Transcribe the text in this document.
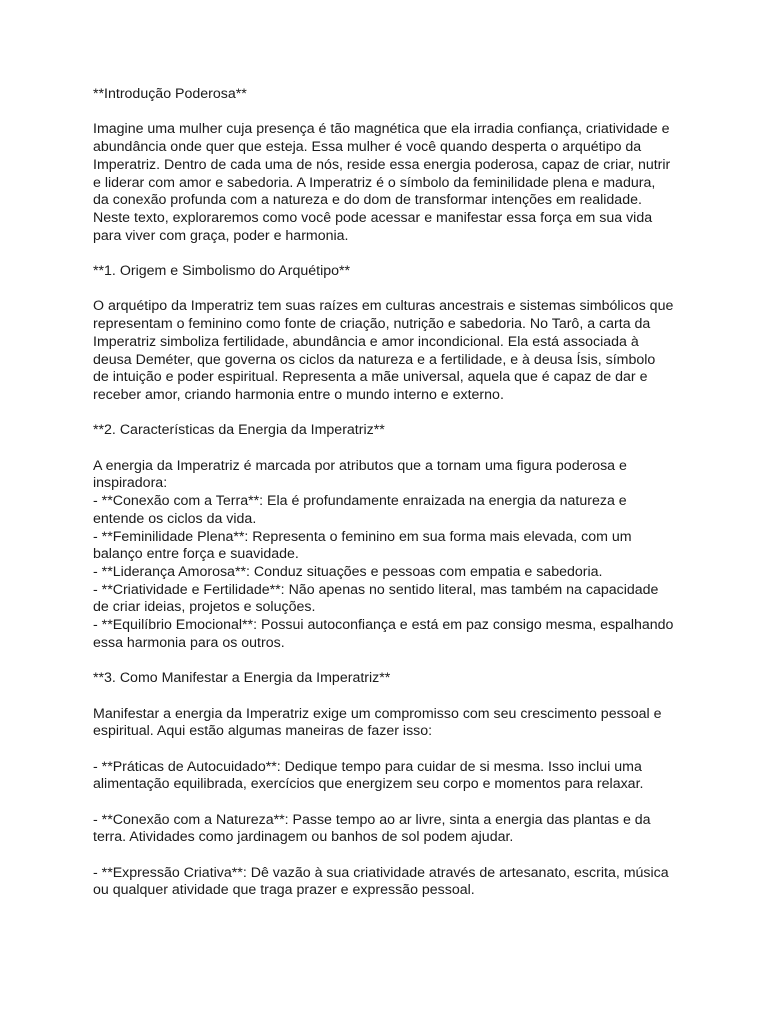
**Introdução Poderosa**

Imagine uma mulher cuja presença é tão magnética que ela irradia confiança, criatividade e

abundância onde quer que esteja. Essa mulher é você quando desperta o arquétipo da

Imperatriz. Dentro de cada uma de nós, reside essa energia poderosa, capaz de criar, nutrir

e liderar com amor e sabedoria. A Imperatriz é o símbolo da feminilidade plena e madura,

da conexão profunda com a natureza e do dom de transformar intenções em realidade.

Neste texto, exploraremos como você pode acessar e manifestar essa força em sua vida

para viver com graça, poder e harmonia.

**1. Origem e Simbolismo do Arquétipo**

O arquétipo da Imperatriz tem suas raízes em culturas ancestrais e sistemas simbólicos que

representam o feminino como fonte de criação, nutrição e sabedoria. No Tarô, a carta da

Imperatriz simboliza fertilidade, abundância e amor incondicional. Ela está associada à

deusa Deméter, que governa os ciclos da natureza e a fertilidade, e à deusa Ísis, símbolo

de intuição e poder espiritual. Representa a mãe universal, aquela que é capaz de dar e

receber amor, criando harmonia entre o mundo interno e externo.

**2. Características da Energia da Imperatriz**

A energia da Imperatriz é marcada por atributos que a tornam uma figura poderosa e

inspiradora:

- **Conexão com a Terra**: Ela é profundamente enraizada na energia da natureza e

entende os ciclos da vida.

- **Feminilidade Plena**: Representa o feminino em sua forma mais elevada, com um

balanço entre força e suavidade.

- **Liderança Amorosa**: Conduz situações e pessoas com empatia e sabedoria.

- **Criatividade e Fertilidade**: Não apenas no sentido literal, mas também na capacidade

de criar ideias, projetos e soluções.

- **Equilíbrio Emocional**: Possui autoconfiança e está em paz consigo mesma, espalhando

essa harmonia para os outros.

**3. Como Manifestar a Energia da Imperatriz**

Manifestar a energia da Imperatriz exige um compromisso com seu crescimento pessoal e

espiritual. Aqui estão algumas maneiras de fazer isso:

- **Práticas de Autocuidado**: Dedique tempo para cuidar de si mesma. Isso inclui uma

alimentação equilibrada, exercícios que energizem seu corpo e momentos para relaxar.

- **Conexão com a Natureza**: Passe tempo ao ar livre, sinta a energia das plantas e da

terra. Atividades como jardinagem ou banhos de sol podem ajudar.

- **Expressão Criativa**: Dê vazão à sua criatividade através de artesanato, escrita, música

ou qualquer atividade que traga prazer e expressão pessoal.
